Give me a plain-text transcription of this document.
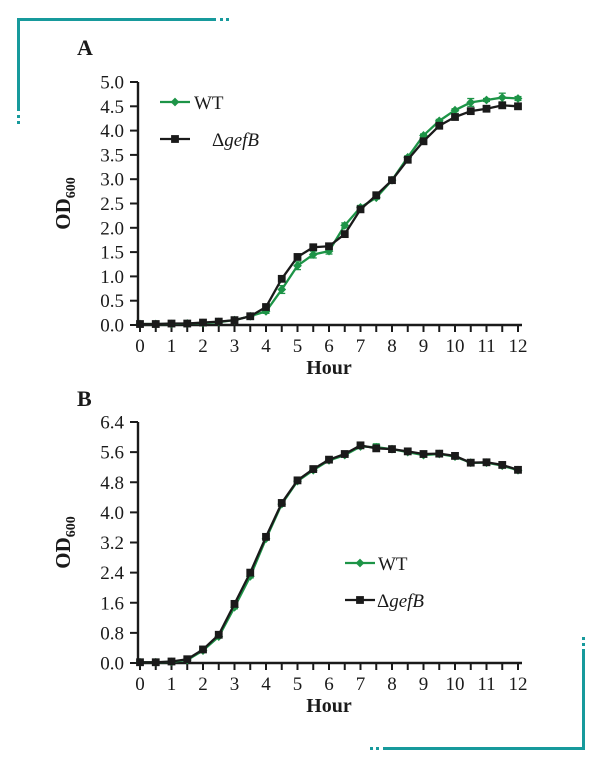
A
0.0
0.5
1.0
1.5
2.0
2.5
3.0
3.5
4.0
4.5
5.0
0 1 2 3 4 5 6 7 8 9 10 11 12
Hour
$OD_{600}$
WT
ΔgefB
B
0.0
0.8
1.6
2.4
3.2
4.0
4.8
5.6
6.4
0 1 2 3 4 5 6 7 8 9 10 11 12
Hour
$OD_{600}$
WT
ΔgefB
